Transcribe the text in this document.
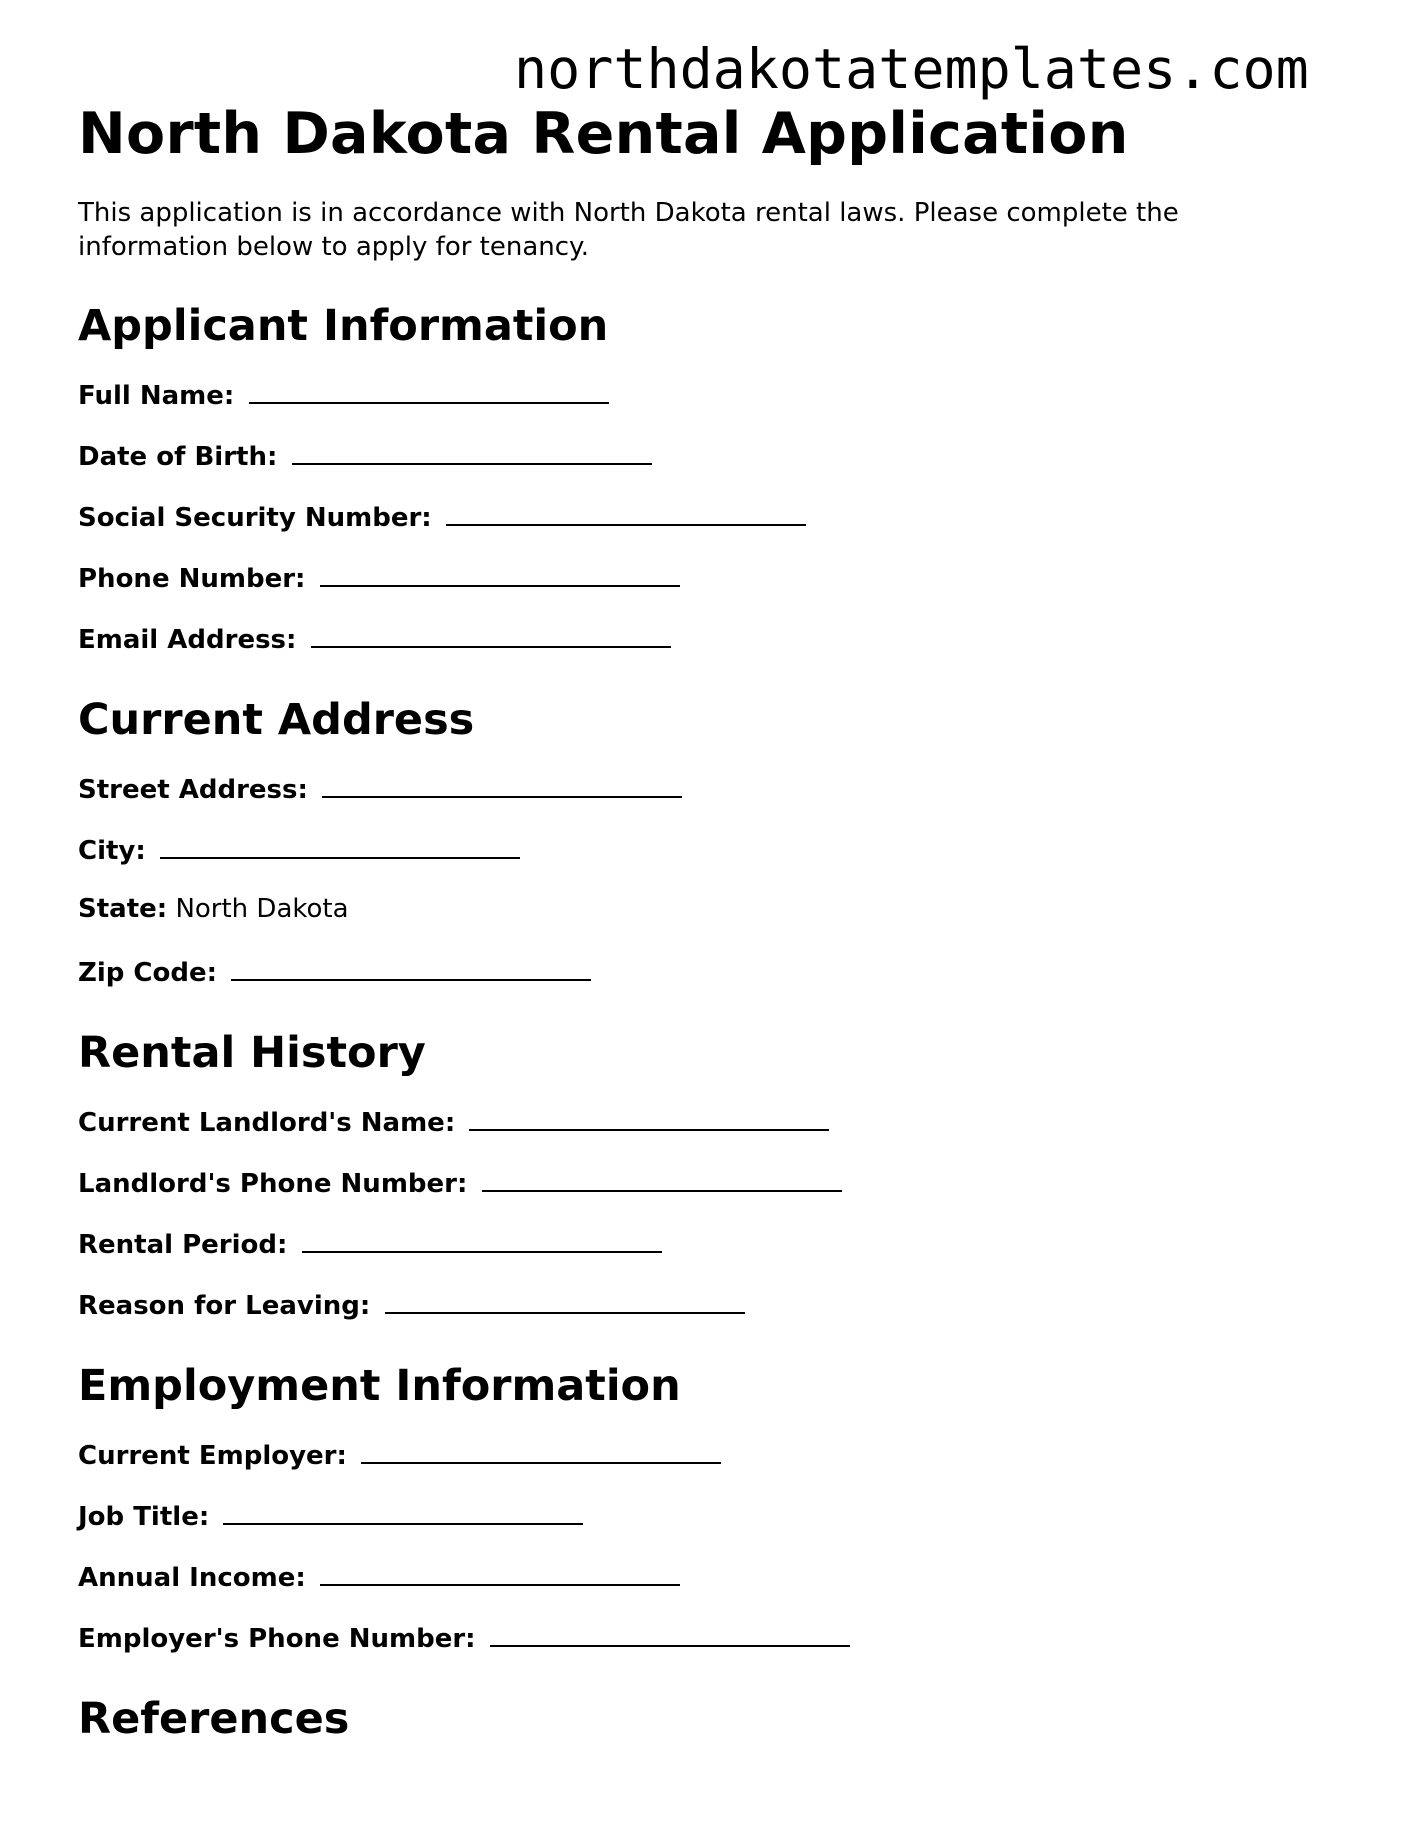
northdakotatemplates.com
North Dakota Rental Application

This application is in accordance with North Dakota rental laws. Please complete the information below to apply for tenancy.

Applicant Information
Full Name:
Date of Birth:
Social Security Number:
Phone Number:
Email Address:
Current Address
Street Address:
City:
State: North Dakota
Zip Code:
Rental History
Current Landlord's Name:
Landlord's Phone Number:
Rental Period:
Reason for Leaving:
Employment Information
Current Employer:
Job Title:
Annual Income:
Employer's Phone Number:
References
